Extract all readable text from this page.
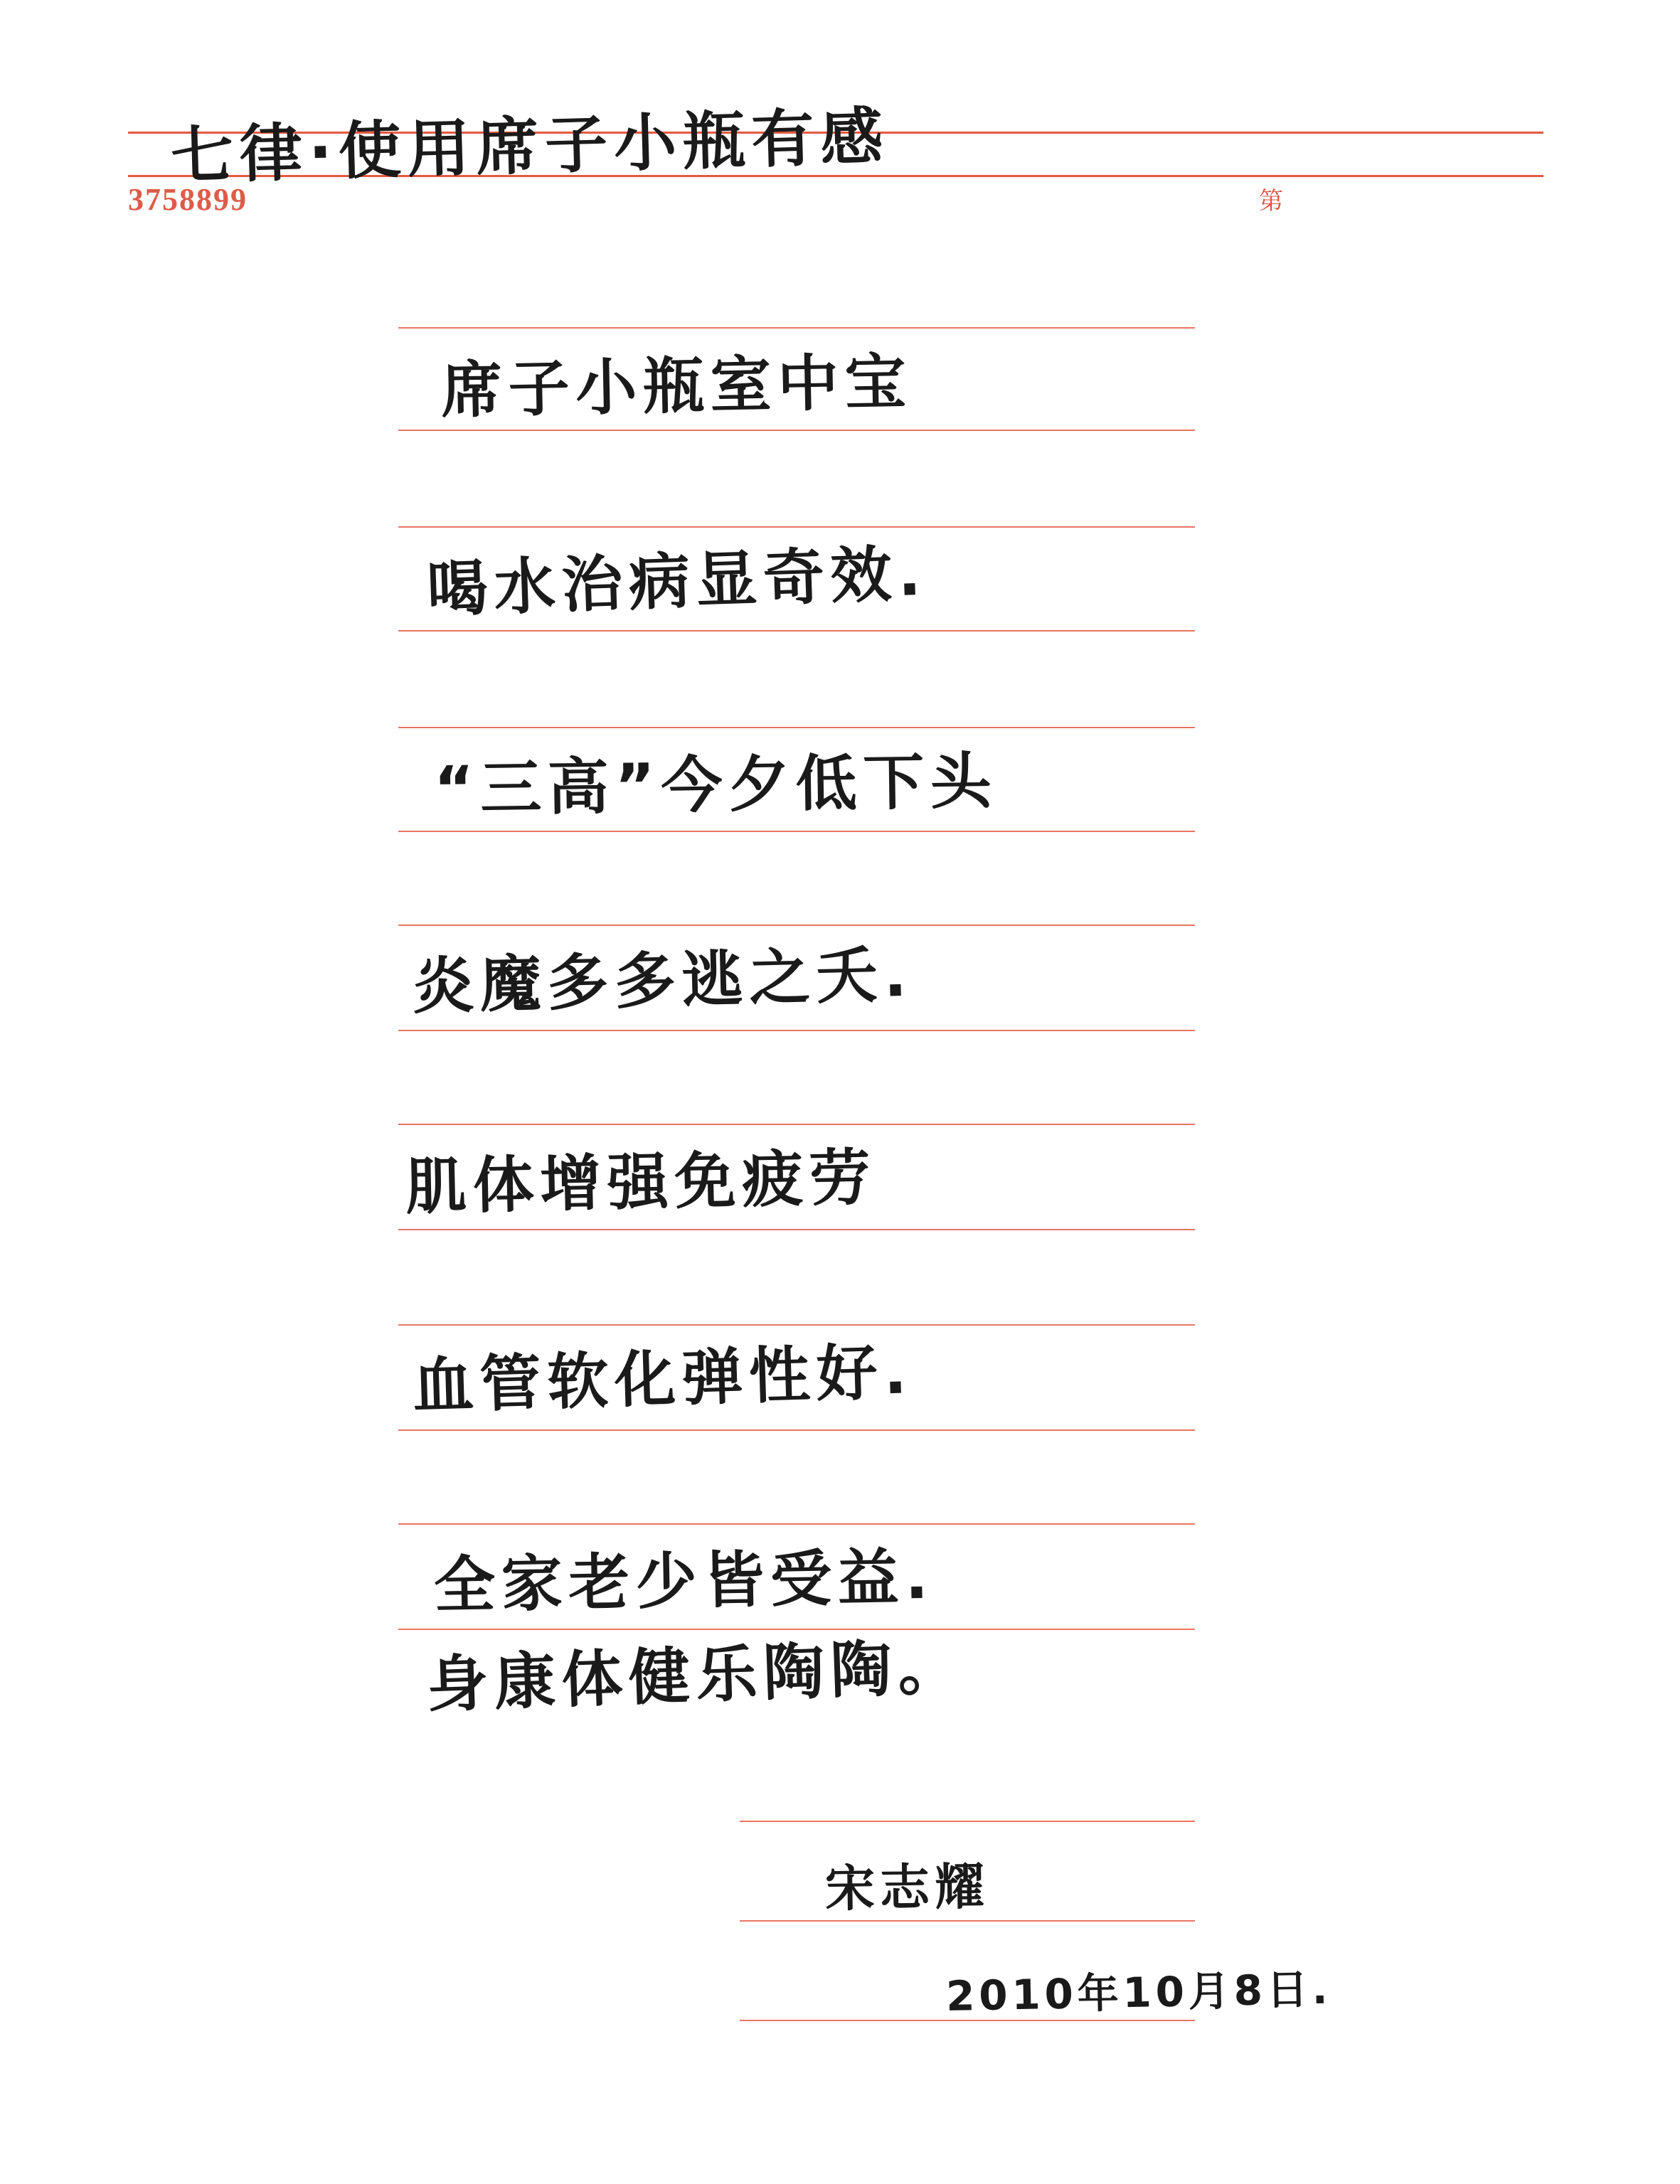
3758899	第
七律·使用席子小瓶有感
席子小瓶室中宝
喝水治病显奇效.
“三高”今夕低下头
炎魔多多逃之夭.
肌体增强免疲劳
血管软化弹性好.
全家老少皆受益.
身康体健乐陶陶。
宋志耀
2010年10月8日.
